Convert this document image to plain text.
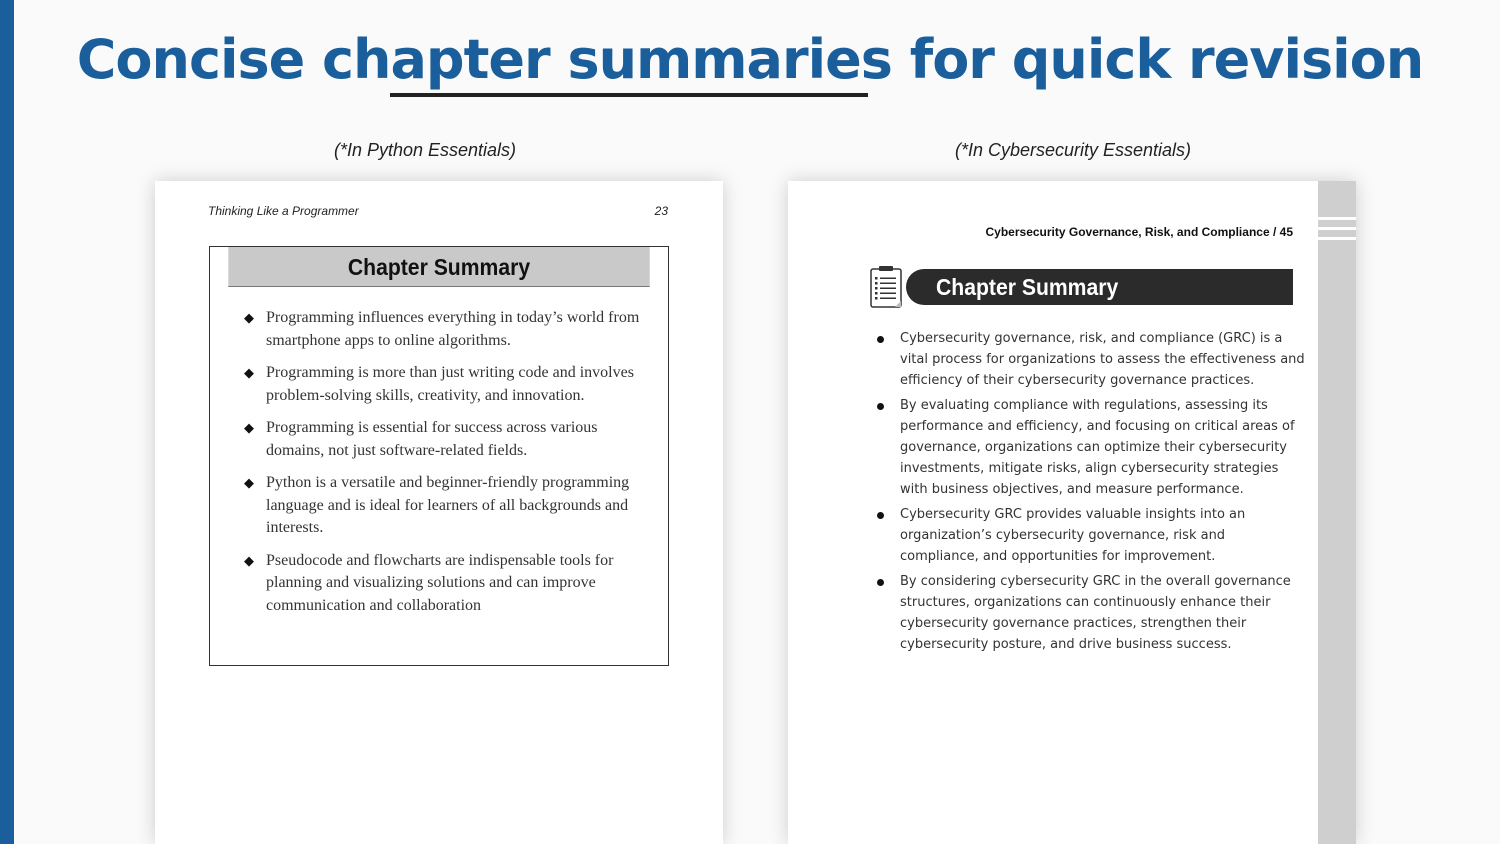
Concise chapter summaries for quick revision
(*In Python Essentials)	(*In Cybersecurity Essentials)
Thinking Like a Programmer	23
Chapter Summary
◆ Programming influences everything in today’s world from smartphone apps to online algorithms.
◆ Programming is more than just writing code and involves problem-solving skills, creativity, and innovation.
◆ Programming is essential for success across various domains, not just software-related fields.
◆ Python is a versatile and beginner-friendly programming language and is ideal for learners of all backgrounds and interests.
◆ Pseudocode and flowcharts are indispensable tools for planning and visualizing solutions and can improve communication and collaboration
Cybersecurity Governance, Risk, and Compliance / 45
Chapter Summary
Cybersecurity governance, risk, and compliance (GRC) is a vital process for organizations to assess the effectiveness and efficiency of their cybersecurity governance practices.
By evaluating compliance with regulations, assessing its performance and efficiency, and focusing on critical areas of governance, organizations can optimize their cybersecurity investments, mitigate risks, align cybersecurity strategies with business objectives, and measure performance.
Cybersecurity GRC provides valuable insights into an organization’s cybersecurity governance, risk and compliance, and opportunities for improvement.
By considering cybersecurity GRC in the overall governance structures, organizations can continuously enhance their cybersecurity governance practices, strengthen their cybersecurity posture, and drive business success.
